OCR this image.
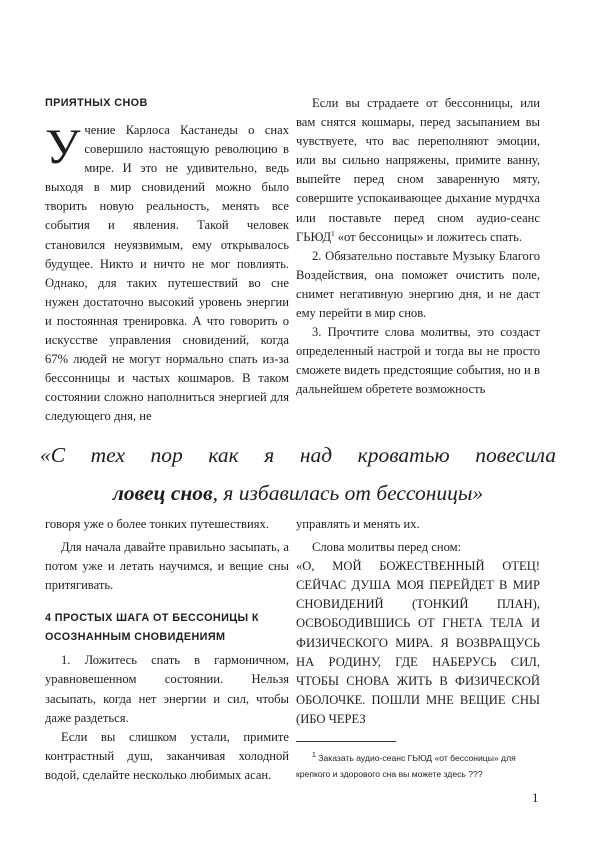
ПРИЯТНЫХ СНОВ

Учение Карлоса Кастанеды о снах совершило настоящую революцию в мире. И это не удивительно, ведь выходя в мир сновидений можно было творить новую реальность, менять все события и явления. Такой человек становился неуязвимым, ему открывалось будущее. Никто и ничто не мог повлиять. Однако, для таких путешествий во сне нужен достаточно высокий уровень энергии и постоянная тренировка. А что говорить о искусстве управления сновидений, когда 67% людей не могут нормально спать из-за бессонницы и частых кошмаров. В таком состоянии сложно наполниться энергией для следующего дня, не

Если вы страдаете от бессонницы, или вам снятся кошмары, перед засыпанием вы чувствуете, что вас переполняют эмоции, или вы сильно напряжены, примите ванну, выпейте перед сном заваренную мяту, совершите успокаивающее дыхание мурдчха или поставьте перед сном аудио-сеанс ГЬЮД$^1$ «от бессоницы» и ложитесь спать.

2. Обязательно поставьте Музыку Благого Воздействия, она поможет очистить поле, снимет негативную энергию дня, и не даст ему перейти в мир снов.

3. Прочтите слова молитвы, это создаст определенный настрой и тогда вы не просто сможете видеть предстоящие события, но и в дальнейшем обретете возможность

«С тех пор как я над кроватью повесила
ловец снов, я избавилась от бессоницы»

говоря уже о более тонких путешествиях.

Для начала давайте правильно засыпать, а потом уже и летать научимся, и вещие сны притягивать.

4 ПРОСТЫХ ШАГА ОТ БЕССОНИЦЫ К ОСОЗНАННЫМ СНОВИДЕНИЯМ

1. Ложитесь спать в гармоничном, уравновешенном состоянии. Нельзя засыпать, когда нет энергии и сил, чтобы даже раздеться.

Если вы слишком устали, примите контрастный душ, заканчивая холодной водой, сделайте несколько любимых асан.

управлять и менять их.

Слова молитвы перед сном:

«О, МОЙ БОЖЕСТВЕННЫЙ ОТЕЦ! СЕЙЧАС ДУША МОЯ ПЕРЕЙДЕТ В МИР СНОВИДЕНИЙ (ТОНКИЙ ПЛАН), ОСВОБОДИВШИСЬ ОТ ГНЕТА ТЕЛА И ФИЗИЧЕСКОГО МИРА. Я ВОЗВРАЩУСЬ НА РОДИНУ, ГДЕ НАБЕРУСЬ СИЛ, ЧТОБЫ СНОВА ЖИТЬ В ФИЗИЧЕСКОЙ ОБОЛОЧКЕ. ПОШЛИ МНЕ ВЕЩИЕ СНЫ (ИБО ЧЕРЕЗ

$^1$ Заказать аудио-сеанс ГЬЮД «от бессоницы» для крепкого и здорового сна вы можете здесь ???

1
